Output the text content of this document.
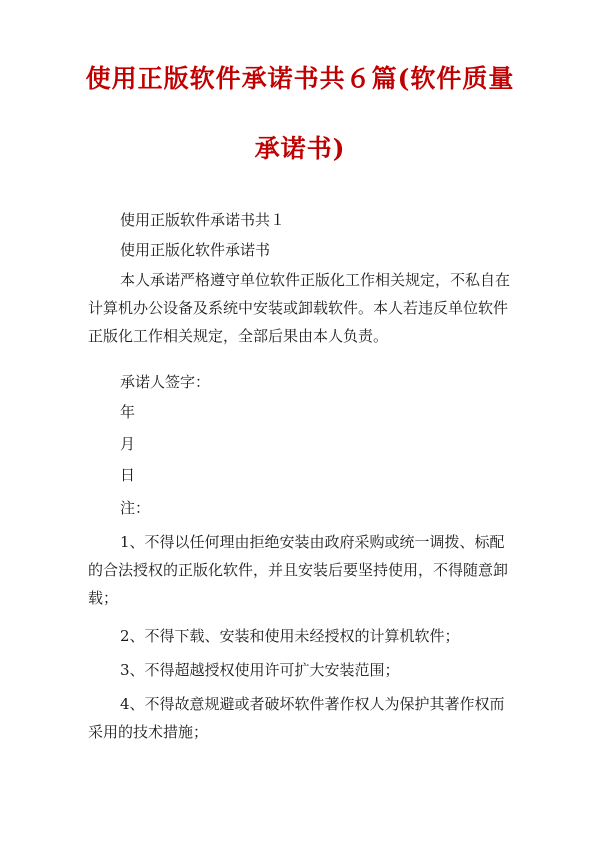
使用正版软件承诺书共６篇(软件质量
承诺书)

使用正版软件承诺书共１

使用正版化软件承诺书

本人承诺严格遵守单位软件正版化工作相关规定，不私自在计算机办公设备及系统中安装或卸载软件。本人若违反单位软件正版化工作相关规定，全部后果由本人负责。

承诺人签字：

年

月

日

注：

1、不得以任何理由拒绝安装由政府采购或统一调拨、标配的合法授权的正版化软件，并且安装后要坚持使用，不得随意卸载；

2、不得下载、安装和使用未经授权的计算机软件；

3、不得超越授权使用许可扩大安装范围；

4、不得故意规避或者破坏软件著作权人为保护其著作权而采用的技术措施；
